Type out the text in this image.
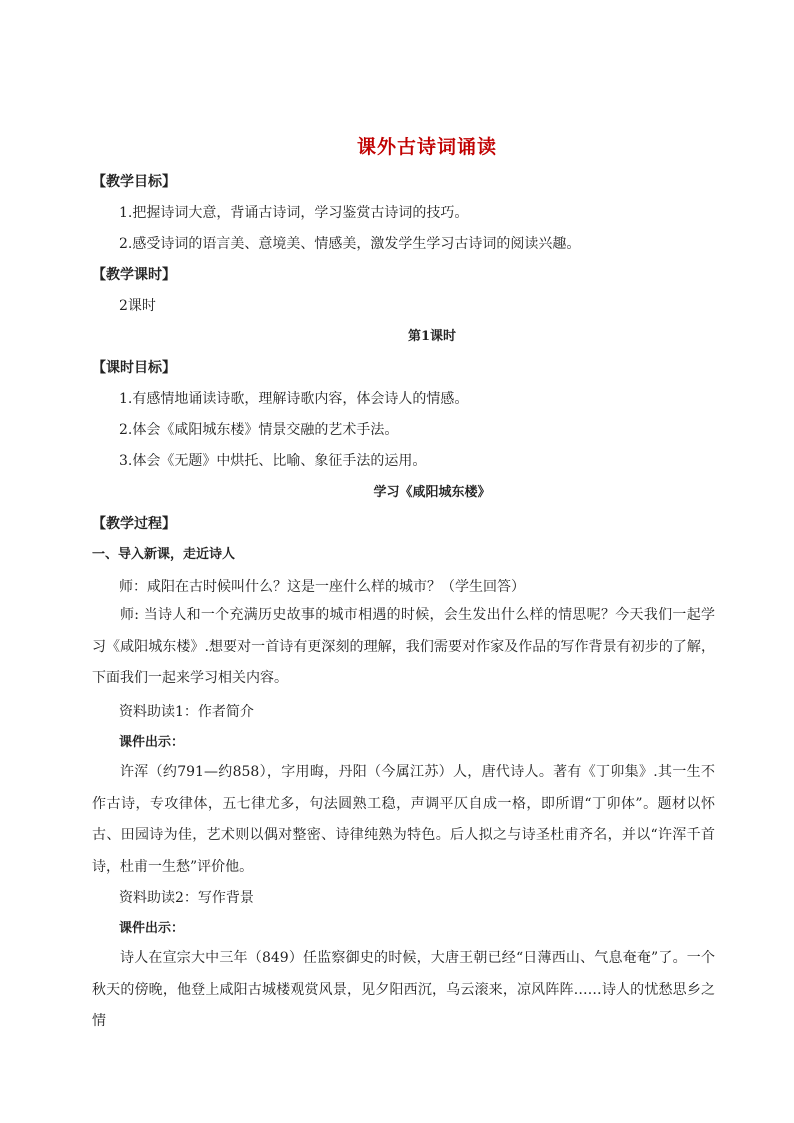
课外古诗词诵读
【教学目标】
1.把握诗词大意，背诵古诗词，学习鉴赏古诗词的技巧。
2.感受诗词的语言美、意境美、情感美，激发学生学习古诗词的阅读兴趣。
【教学课时】
2课时
第1课时
【课时目标】
1.有感情地诵读诗歌，理解诗歌内容，体会诗人的情感。
2.体会《咸阳城东楼》情景交融的艺术手法。
3.体会《无题》中烘托、比喻、象征手法的运用。
学习《咸阳城东楼》
【教学过程】
一、导入新课，走近诗人
师：咸阳在古时候叫什么？这是一座什么样的城市？（学生回答）
师: 当诗人和一个充满历史故事的城市相遇的时候，会生发出什么样的情思呢？今天我们一起学习《咸阳城东楼》.想要对一首诗有更深刻的理解，我们需要对作家及作品的写作背景有初步的了解，下面我们一起来学习相关内容。
资料助读1：作者简介
课件出示：
许浑（约791—约858），字用晦，丹阳（今属江苏）人，唐代诗人。著有《丁卯集》.其一生不作古诗，专攻律体，五七律尤多，句法圆熟工稳，声调平仄自成一格，即所谓“丁卯体”。题材以怀古、田园诗为佳，艺术则以偶对整密、诗律纯熟为特色。后人拟之与诗圣杜甫齐名，并以“许浑千首诗，杜甫一生愁”评价他。
资料助读2：写作背景
课件出示：
诗人在宣宗大中三年（849）任监察御史的时候，大唐王朝已经“日薄西山、气息奄奄”了。一个秋天的傍晚，他登上咸阳古城楼观赏风景，见夕阳西沉，乌云滚来，凉风阵阵……诗人的忧愁思乡之情
